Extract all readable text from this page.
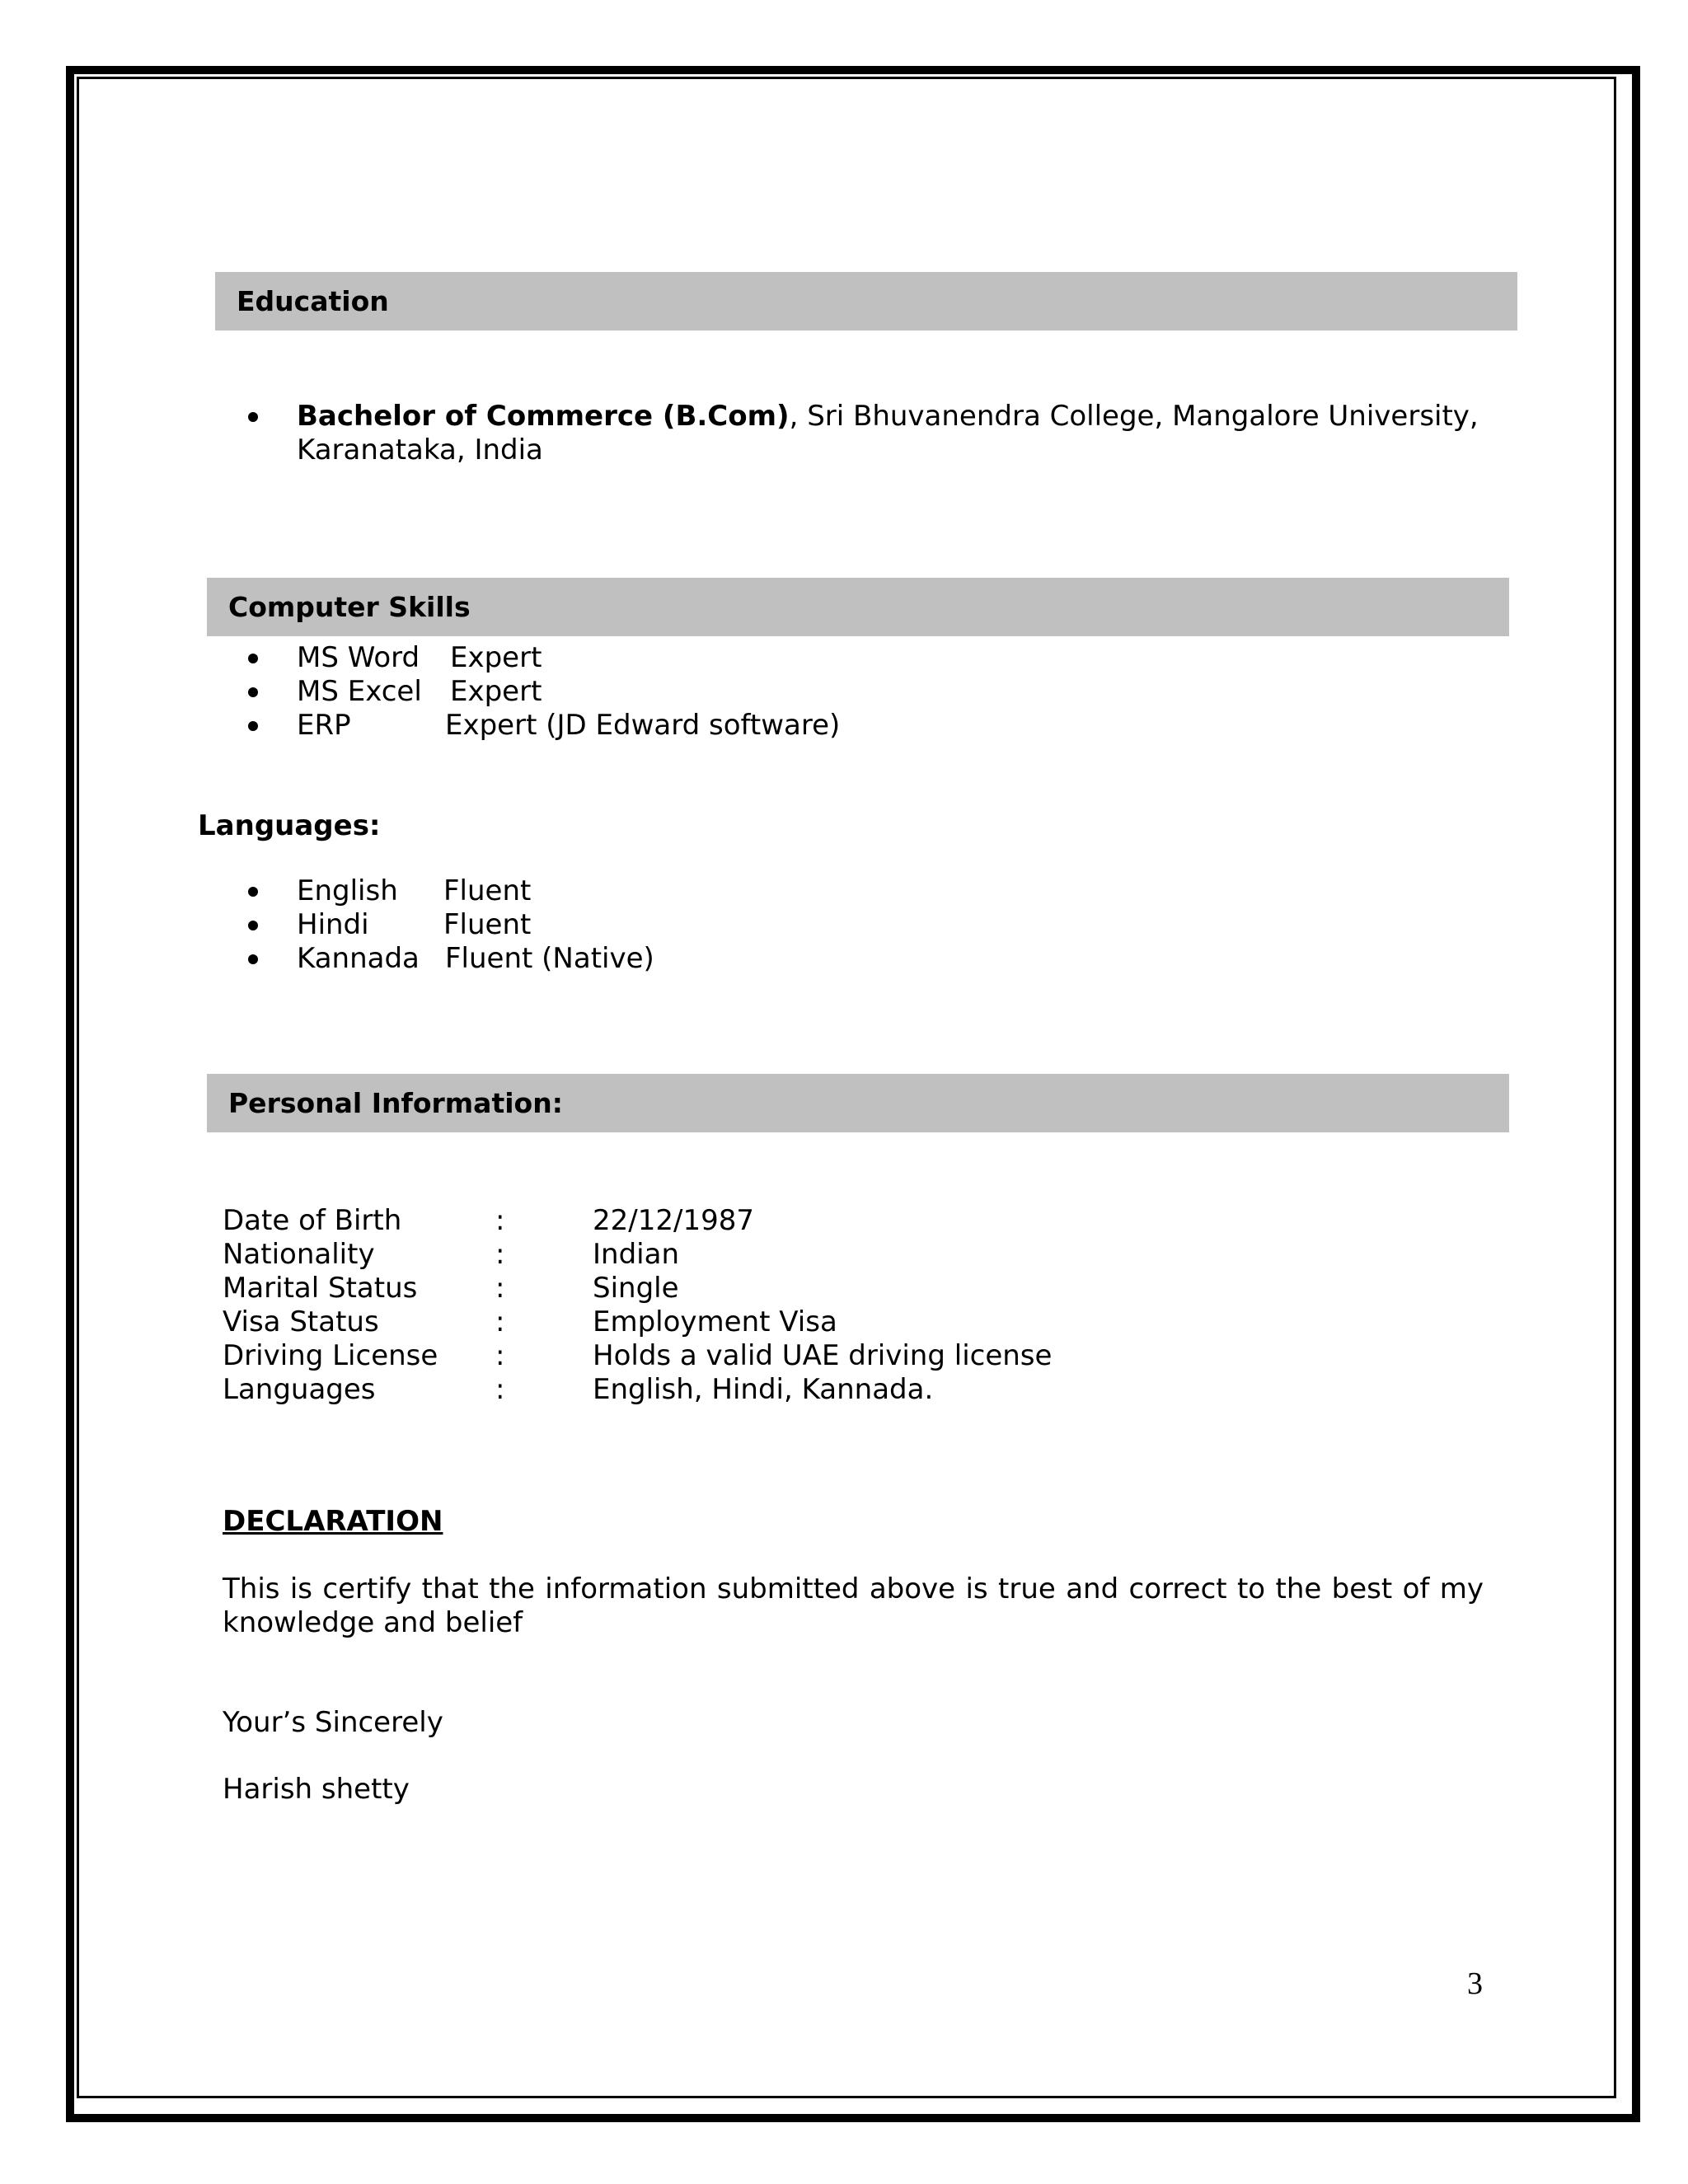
Education
Bachelor of Commerce (B.Com), Sri Bhuvanendra College, Mangalore University,
Karanataka, India
Computer Skills
MS Word Expert
MS Excel Expert
ERP	Expert (JD Edward software)
Languages:
English Fluent
Hindi	Fluent
Kannada Fluent (Native)
Personal Information:
Date of Birth	:	22/12/1987
Nationality	:	Indian
Marital Status	:	Single
Visa Status	:	Employment Visa
Driving License :	Holds a valid UAE driving license
Languages	:	English, Hindi, Kannada.
DECLARATION
This is certify that the information submitted above is true and correct to the best of my knowledge and belief
Your’s Sincerely
Harish shetty
3
